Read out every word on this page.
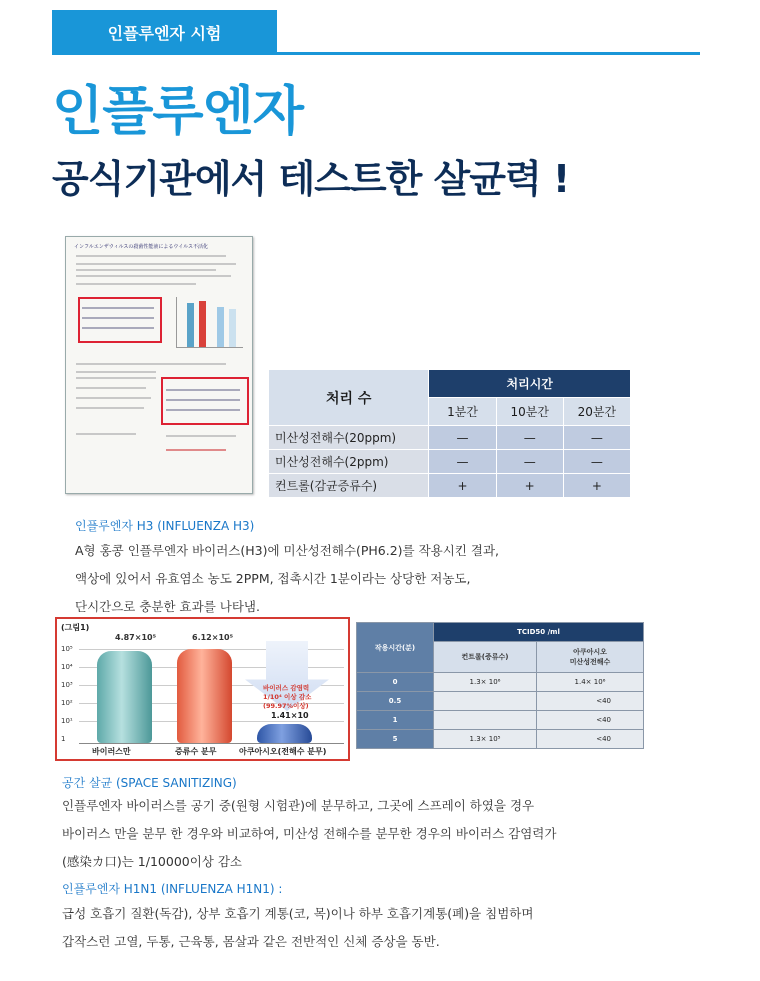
인플루엔자 시험
인플루엔자
공식기관에서 테스트한 살균력 !
インフルエンザウィルスの殺菌性能液によるウイルス不活化
처리 수	처리시간		
	1분간	10분간	20분간
미산성전해수(20ppm)	—	—	—
미산성전해수(2ppm)	—	—	—
컨트롤(감균증류수)	+	+	+
인플루엔자 H3 (INFLUENZA H3)
A형 홍콩 인플루엔자 바이러스(H3)에 미산성전해수(PH6.2)를 작용시킨 결과,
액상에 있어서 유효염소 농도 2PPM, 접촉시간 1분이라는 상당한 저농도,
단시간으로 충분한 효과를 나타냄.
(그림1)
4.87×10⁵	6.12×10⁵
10⁵
10⁴
10³
10²
10¹
1
바이러스 감염력
1/10⁴ 이상 감소
(99.97%이상)
1.41×10
바이러스만	증류수 분무	아쿠아시오(전해수 분무)
작용시간(분)	TCID50 /ml	
	컨트롤(증류수)	아쿠아시오
미산성전해수

0	1.3× 10⁶	1.4× 10⁶
0.5		<40
1		<40
5	1.3× 10⁵	<40
공간 살균 (SPACE SANITIZING)
인플루엔자 바이러스를 공기 중(원형 시험관)에 분무하고, 그곳에 스프레이 하였을 경우
바이러스 만을 분무 한 경우와 비교하여, 미산성 전해수를 분무한 경우의 바이러스 감염력가
(感染カ口)는 1/10000이상 감소
인플루엔자 H1N1 (INFLUENZA H1N1) :
급성 호흡기 질환(독감), 상부 호흡기 계통(코, 목)이나 하부 호흡기계통(폐)을 침범하며
갑작스런 고열, 두통, 근육통, 몸살과 같은 전반적인 신체 증상을 동반.
